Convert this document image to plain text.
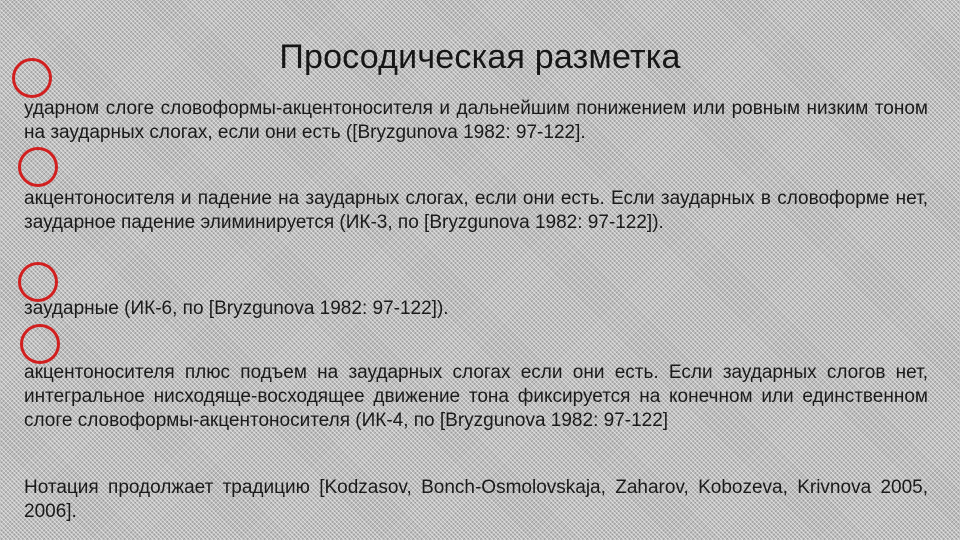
Просодическая разметка

ударном слоге словоформы-акцентоносителя и дальнейшим понижением или ровным низким тоном на заударных слогах, если они есть ([Bryzgunova 1982: 97-122].

акцентоносителя и падение на заударных слогах, если они есть. Если заударных в словоформе нет, заударное падение элиминируется (ИК-3, по [Bryzgunova 1982: 97-122]).

заударные (ИК-6, по [Bryzgunova 1982: 97-122]).

акцентоносителя плюс подъем на заударных слогах если они есть. Если заударных слогов нет, интегральное нисходяще-восходящее движение тона фиксируется на конечном или единственном слоге словоформы-акцентоносителя (ИК-4, по [Bryzgunova 1982: 97-122]

Нотация продолжает традицию [Kodzasov, Bonch-Osmolovskaja, Zaharov, Kobozeva, Krivnova 2005, 2006].
